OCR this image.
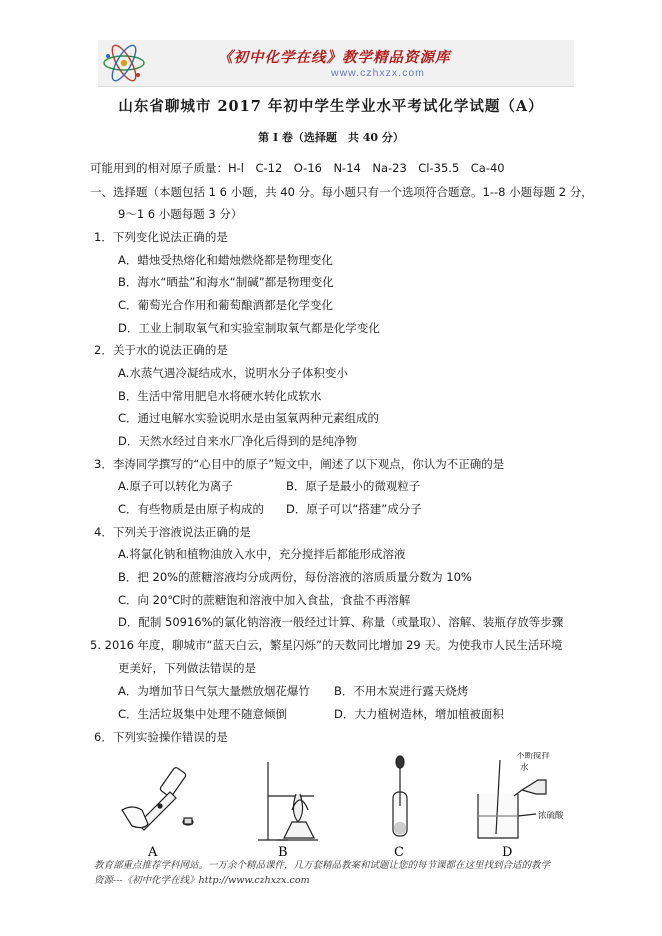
《初中化学在线》教学精品资源库
www.czhxzx.com
山东省聊城市 2017 年初中学生学业水平考试化学试题（A）
第 I 卷（选择题　共 40 分）
可能用到的相对原子质量：H-l　C-12　O-16　N-14　Na-23　Cl-35.5　Ca-40
一、选择题（本题包括 1 6 小题，共 40 分。每小题只有一个选项符合题意。1--8 小题每题 2 分，
9～1 6 小题每题 3 分）
1．下列变化说法正确的是
A．蜡烛受热熔化和蜡烛燃烧都是物理变化
B．海水“晒盐”和海水“制碱”都是物理变化
C．葡萄光合作用和葡萄酿酒都是化学变化
D．工业上制取氧气和实验室制取氧气都是化学变化
2．关于水的说法正确的是
A.水蒸气遇冷凝结成水，说明水分子体积变小
B．生活中常用肥皂水将硬水转化成软水
C．通过电解水实验说明水是由氢氧两种元素组成的
D．天然水经过自来水厂净化后得到的是纯净物
3．李涛同学撰写的“心目中的原子”短文中，阐述了以下观点，你认为不正确的是
A.原子可以转化为离子	B．原子是最小的微观粒子
C．有些物质是由原子构成的 D．原子可以“搭建”成分子
4．下列关于溶液说法正确的是
A.将氯化钠和植物油放入水中，充分搅拌后都能形成溶液
B．把 20%的蔗糖溶液均分成两份，每份溶液的溶质质量分数为 10%
C．向 20℃时的蔗糖饱和溶液中加入食盐，食盐不再溶解
D．配制 50916%的氯化钠溶液一般经过计算、称量（或量取）、溶解、装瓶存放等步骤
5. 2016 年度，聊城市“蓝天白云，繁星闪烁”的天数同比增加 29 天。为使我市人民生活环境
更美好，下列做法错误的是
A．为增加节日气氛大量燃放烟花爆竹 B．不用木炭进行露天烧烤
C．生活垃圾集中处理不随意倾倒	D．大力植树造林，增加植被面积
6．下列实验操作错误的是
A	B	C
不断搅拌
水
浓硫酸
D
教育部重点推荐学科网站。一万余个精品课件，几万套精品教案和试题让您的每节课都在这里找到合适的教学
资源---《初中化学在线》http://www.czhxzx.com
